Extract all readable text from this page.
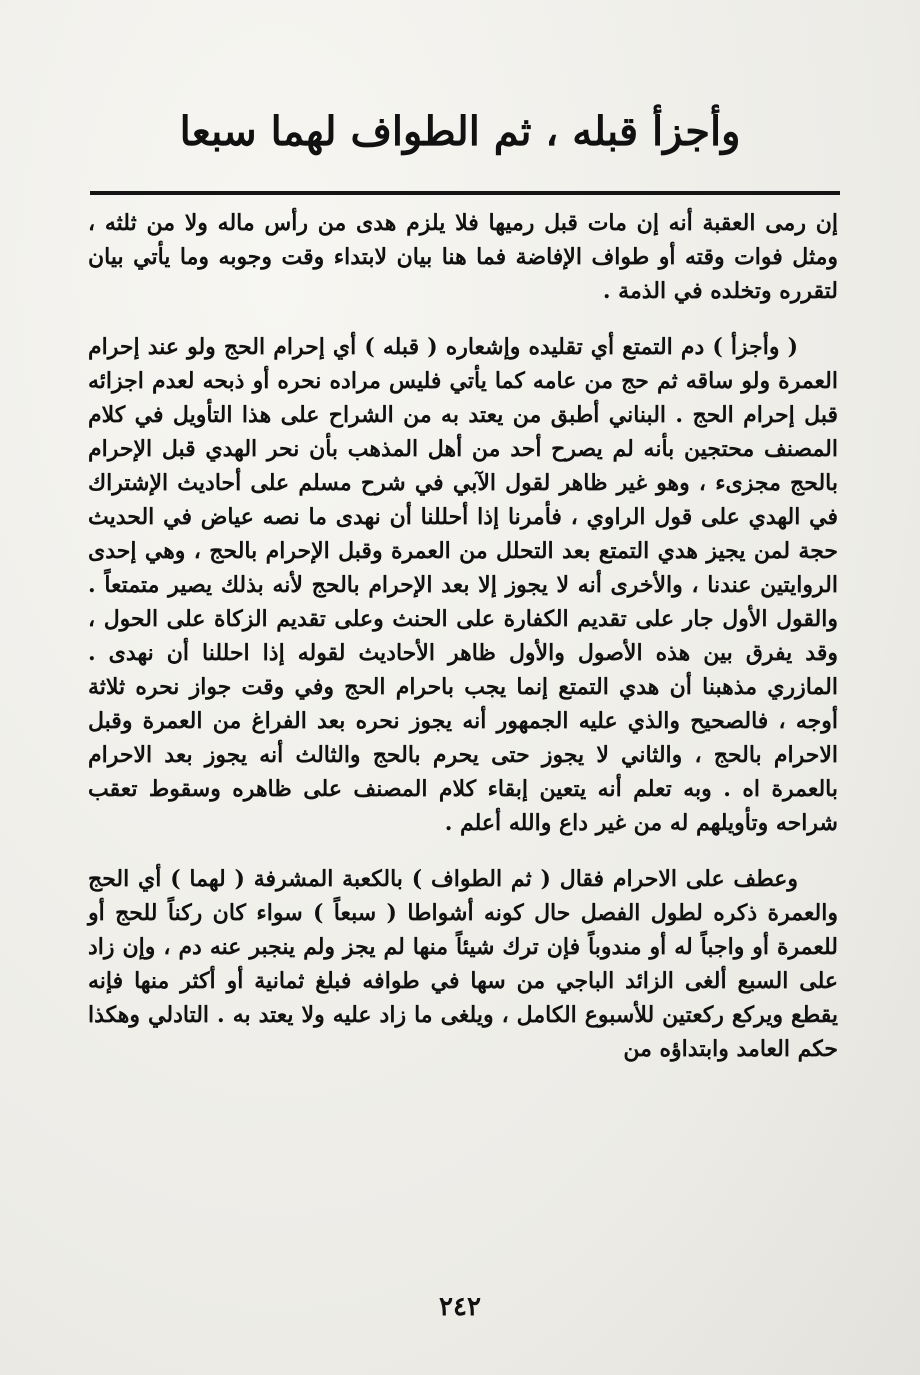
وأجزأ قبله ، ثم الطواف لهما سبعا

إن رمى العقبة أنه إن مات قبل رميها فلا يلزم هدى من رأس ماله ولا من ثلثه ، ومثل فوات وقته أو طواف الإفاضة فما هنا بيان لابتداء وقت وجوبه وما يأتي بيان لتقرره وتخلده في الذمة .

( وأجزأ ) دم التمتع أي تقليده وإشعاره ( قبله ) أي إحرام الحج ولو عند إحرام العمرة ولو ساقه ثم حج من عامه كما يأتي فليس مراده نحره أو ذبحه لعدم اجزائه قبل إحرام الحج . البناني أطبق من يعتد به من الشراح على هذا التأويل في كلام المصنف محتجين بأنه لم يصرح أحد من أهل المذهب بأن نحر الهدي قبل الإحرام بالحج مجزىء ، وهو غير ظاهر لقول الآبي في شرح مسلم على أحاديث الإشتراك في الهدي على قول الراوي ، فأمرنا إذا أحللنا أن نهدى ما نصه عياض في الحديث حجة لمن يجيز هدي التمتع بعد التحلل من العمرة وقبل الإحرام بالحج ، وهي إحدى الروايتين عندنا ، والأخرى أنه لا يجوز إلا بعد الإحرام بالحج لأنه بذلك يصير متمتعاً . والقول الأول جار على تقديم الكفارة على الحنث وعلى تقديم الزكاة على الحول ، وقد يفرق بين هذه الأصول والأول ظاهر الأحاديث لقوله إذا احللنا أن نهدى . المازري مذهبنا أن هدي التمتع إنما يجب باحرام الحج وفي وقت جواز نحره ثلاثة أوجه ، فالصحيح والذي عليه الجمهور أنه يجوز نحره بعد الفراغ من العمرة وقبل الاحرام بالحج ، والثاني لا يجوز حتى يحرم بالحج والثالث أنه يجوز بعد الاحرام بالعمرة اه . وبه تعلم أنه يتعين إبقاء كلام المصنف على ظاهره وسقوط تعقب شراحه وتأويلهم له من غير داع والله أعلم .

وعطف على الاحرام فقال ( ثم الطواف ) بالكعبة المشرفة ( لهما ) أي الحج والعمرة ذكره لطول الفصل حال كونه أشواطا ( سبعاً ) سواء كان ركناً للحج أو للعمرة أو واجباً له أو مندوباً فإن ترك شيئاً منها لم يجز ولم ينجبر عنه دم ، وإن زاد على السبع ألغى الزائد الباجي من سها في طوافه فبلغ ثمانية أو أكثر منها فإنه يقطع ويركع ركعتين للأسبوع الكامل ، ويلغى ما زاد عليه ولا يعتد به . التادلي وهكذا حكم العامد وابتداؤه من

٢٤٢
